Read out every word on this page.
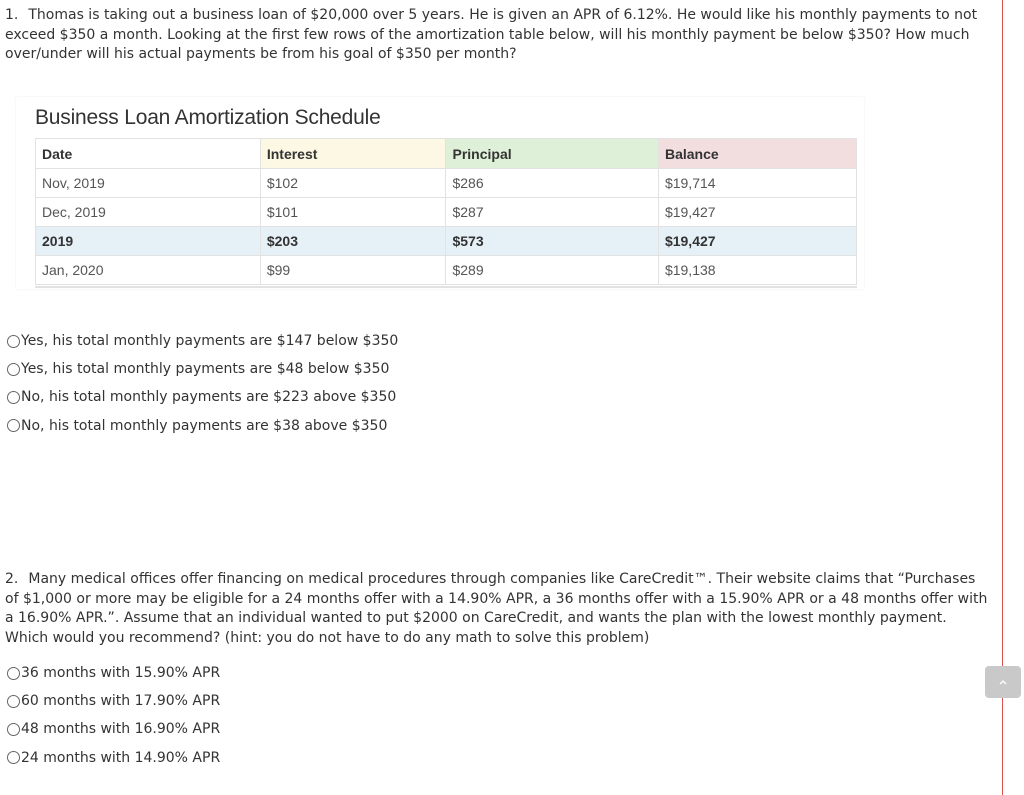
1. Thomas is taking out a business loan of $20,000 over 5 years. He is given an APR of 6.12%. He would like his monthly payments to not exceed $350 a month. Looking at the first few rows of the amortization table below, will his monthly payment be below $350? How much over/under will his actual payments be from his goal of $350 per month?
Business Loan Amortization Schedule
Date	Interest	Principal	Balance
Nov, 2019	$102	$286	$19,714
Dec, 2019	$101	$287	$19,427
2019	$203	$573	$19,427
Jan, 2020	$99	$289	$19,138
Yes, his total monthly payments are $147 below $350
Yes, his total monthly payments are $48 below $350
No, his total monthly payments are $223 above $350
No, his total monthly payments are $38 above $350
2. Many medical offices offer financing on medical procedures through companies like CareCredit™. Their website claims that “Purchases of $1,000 or more may be eligible for a 24 months offer with a 14.90% APR, a 36 months offer with a 15.90% APR or a 48 months offer with a 16.90% APR.”. Assume that an individual wanted to put $2000 on CareCredit, and wants the plan with the lowest monthly payment. Which would you recommend? (hint: you do not have to do any math to solve this problem)
36 months with 15.90% APR
60 months with 17.90% APR
48 months with 16.90% APR
24 months with 14.90% APR
